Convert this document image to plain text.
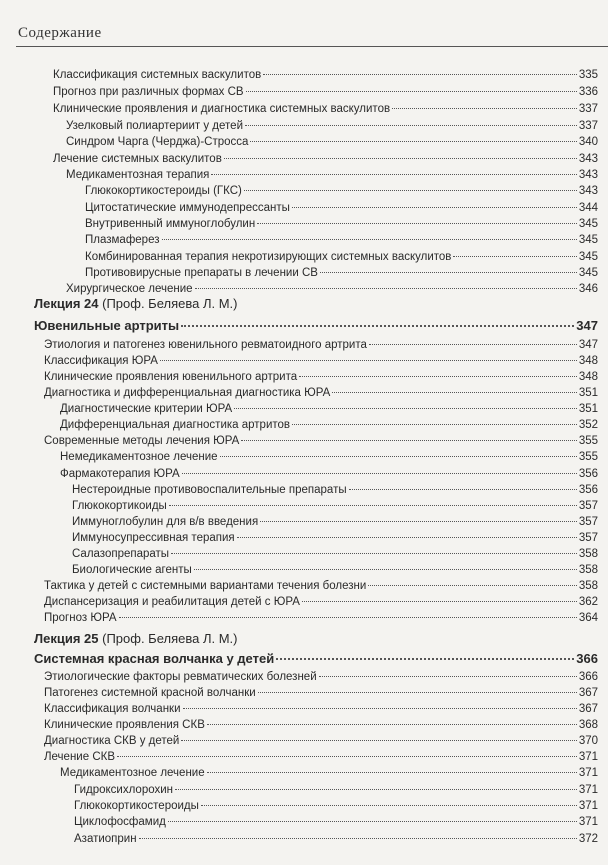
Содержание
Лекция 24 (Проф. Беляева Л. М.)
Лекция 25 (Проф. Беляева Л. М.)
Классификация системных васкулитов	335
Прогноз при различных формах СВ	336
Клинические проявления и диагностика системных васкулитов	337
Узелковый полиартериит у детей	337
Синдром Чарга (Черджа)-Стросса	340
Лечение системных васкулитов	343
Медикаментозная терапия	343
Глюкокортикостероиды (ГКС)	343
Цитостатические иммунодепрессанты	344
Внутривенный иммуноглобулин	345
Плазмаферез	345
Комбинированная терапия некротизирующих системных васкулитов	345
Противовирусные препараты в лечении СВ	345
Хирургическое лечение	346
Ювенильные артриты	347
Этиология и патогенез ювенильного ревматоидного артрита	347
Классификация ЮРА	348
Клинические проявления ювенильного артрита	348
Диагностика и дифференциальная диагностика ЮРА	351
Диагностические критерии ЮРА	351
Дифференциальная диагностика артритов	352
Современные методы лечения ЮРА	355
Немедикаментозное лечение	355
Фармакотерапия ЮРА	356
Нестероидные противовоспалительные препараты	356
Глюкокортикоиды	357
Иммуноглобулин для в/в введения	357
Иммуносупрессивная терапия	357
Салазопрепараты	358
Биологические агенты	358
Тактика у детей с системными вариантами течения болезни	358
Диспансеризация и реабилитация детей с ЮРА	362
Прогноз ЮРА	364
Системная красная волчанка у детей	366
Этиологические факторы ревматических болезней	366
Патогенез системной красной волчанки	367
Классификация волчанки	367
Клинические проявления СКВ	368
Диагностика СКВ у детей	370
Лечение СКВ	371
Медикаментозное лечение	371
Гидроксихлорохин	371
Глюкокортикостероиды	371
Циклофосфамид	371
Азатиоприн	372
